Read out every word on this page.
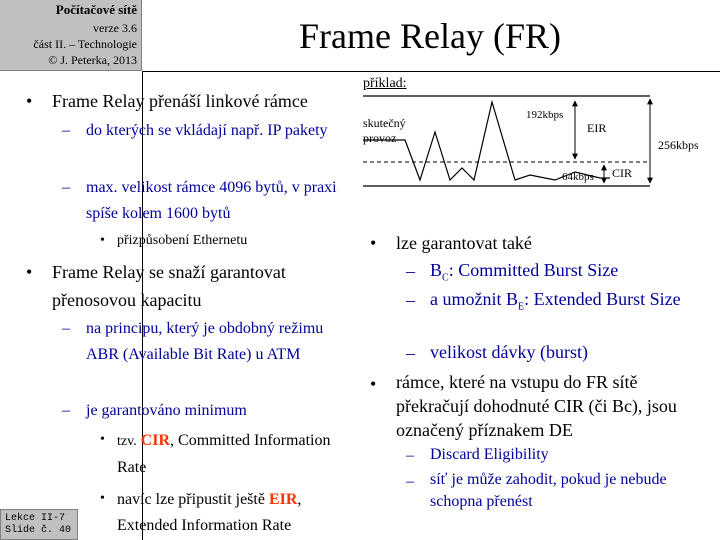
Počítačové sítě
verze 3.6
část II. – Technologie
© J. Peterka, 2013
Frame Relay (FR)
• Frame Relay přenáší linkové rámce
– do kterých se vkládají např. IP pakety
– max. velikost rámce 4096 bytů, v praxi spíše kolem 1600 bytů
• přizpůsobení Ethernetu
• Frame Relay se snaží garantovat přenosovou kapacitu
– na principu, který je obdobný režimu ABR (Available Bit Rate) u ATM
– je garantováno minimum
• tzv. CIR, Committed Information Rate
• navíc lze připustit ještě EIR, Extended Information Rate
příklad:
skutečný
provoz
192kbps
EIR
256kbps
64kbps CIR
• lze garantovat také
– $B_C$: Committed Burst Size
– a umožnit $B_E$: Extended Burst Size
– velikost dávky (burst)
• rámce, které na vstupu do FR sítě překračují dohodnuté CIR (či Bc), jsou označený příznakem DE
– Discard Eligibility
– síť je může zahodit, pokud je nebude schopna přenést
Lekce II-7
Slide č. 40
